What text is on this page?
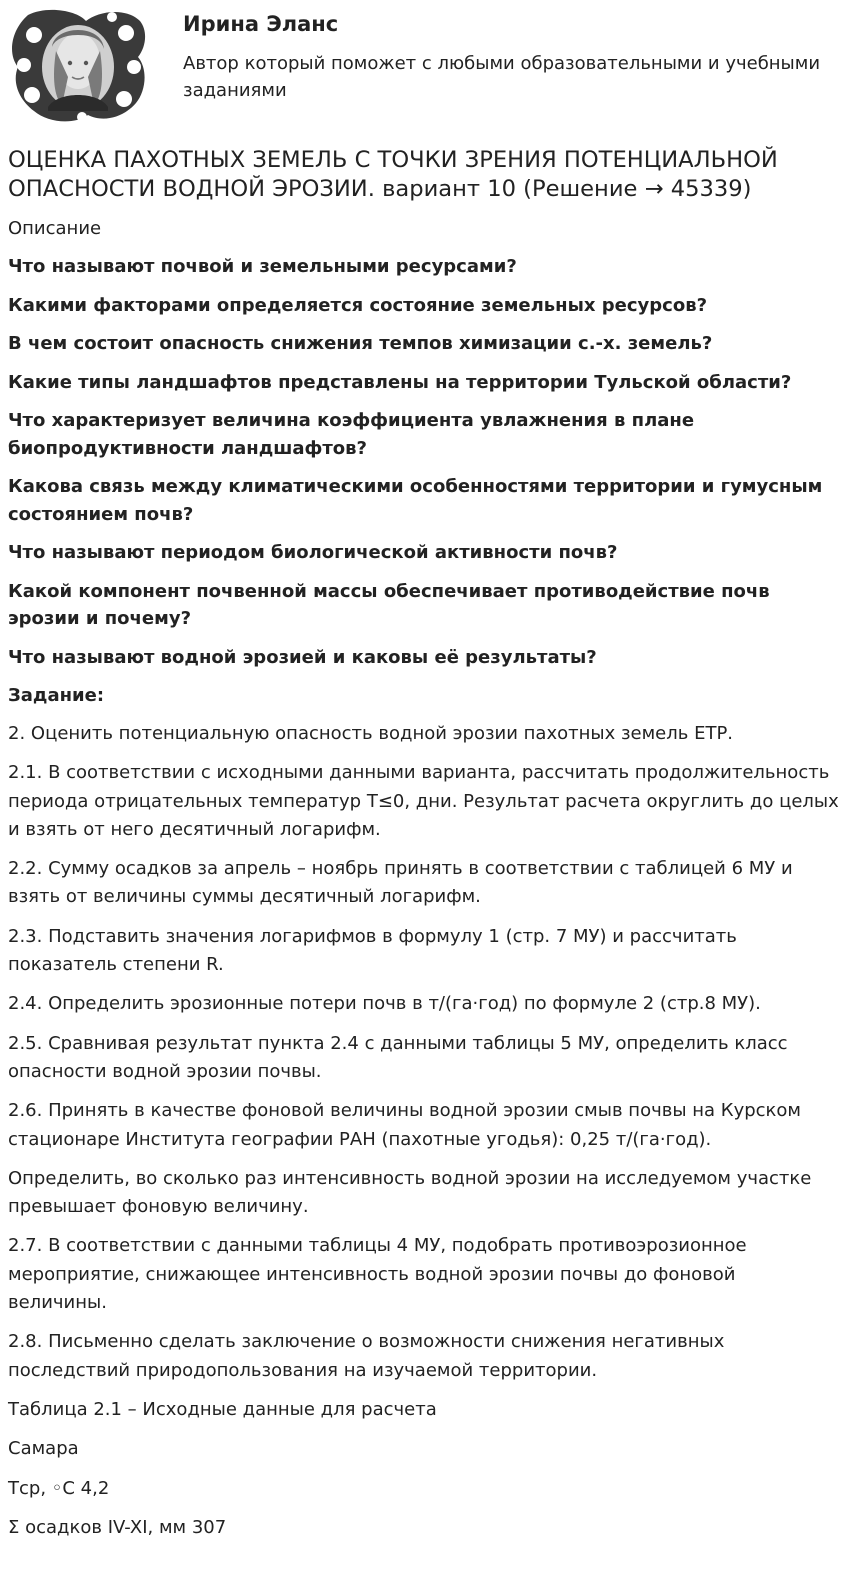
Ирина Эланс
Автор который поможет с любыми образовательными и учебными заданиями
ОЦЕНКА ПАХОТНЫХ ЗЕМЕЛЬ С ТОЧКИ ЗРЕНИЯ ПОТЕНЦИАЛЬНОЙ ОПАСНОСТИ ВОДНОЙ ЭРОЗИИ. вариант 10 (Решение → 45339)
Описание
Что называют почвой и земельными ресурсами?
Какими факторами определяется состояние земельных ресурсов?
В чем состоит опасность снижения темпов химизации с.-х. земель?
Какие типы ландшафтов представлены на территории Тульской области?
Что характеризует величина коэффициента увлажнения в плане биопродуктивности ландшафтов?
Какова связь между климатическими особенностями территории и гумусным состоянием почв?
Что называют периодом биологической активности почв?
Какой компонент почвенной массы обеспечивает противодействие почв эрозии и почему?
Что называют водной эрозией и каковы её результаты?
Задание:
2. Оценить потенциальную опасность водной эрозии пахотных земель ЕТР.
2.1. В соответствии с исходными данными варианта, рассчитать продолжительность периода отрицательных температур T≤0, дни. Результат расчета округлить до целых и взять от него десятичный логарифм.
2.2. Сумму осадков за апрель – ноябрь принять в соответствии с таблицей 6 МУ и взять от величины суммы десятичный логарифм.
2.3. Подставить значения логарифмов в формулу 1 (стр. 7 МУ) и рассчитать показатель степени R.
2.4. Определить эрозионные потери почв в т/(га·год) по формуле 2 (стр.8 МУ).
2.5. Сравнивая результат пункта 2.4 с данными таблицы 5 МУ, определить класс опасности водной эрозии почвы.
2.6. Принять в качестве фоновой величины водной эрозии смыв почвы на Курском стационаре Института географии РАН (пахотные угодья): 0,25 т/(га·год).
Определить, во сколько раз интенсивность водной эрозии на исследуемом участке превышает фоновую величину.
2.7. В соответствии с данными таблицы 4 МУ, подобрать противоэрозионное мероприятие, снижающее интенсивность водной эрозии почвы до фоновой величины.
2.8. Письменно сделать заключение о возможности снижения негативных последствий природопользования на изучаемой территории.
Таблица 2.1 – Исходные данные для расчета
Самара
Tср, ◦С 4,2
Σ осадков IV-XI, мм 307
